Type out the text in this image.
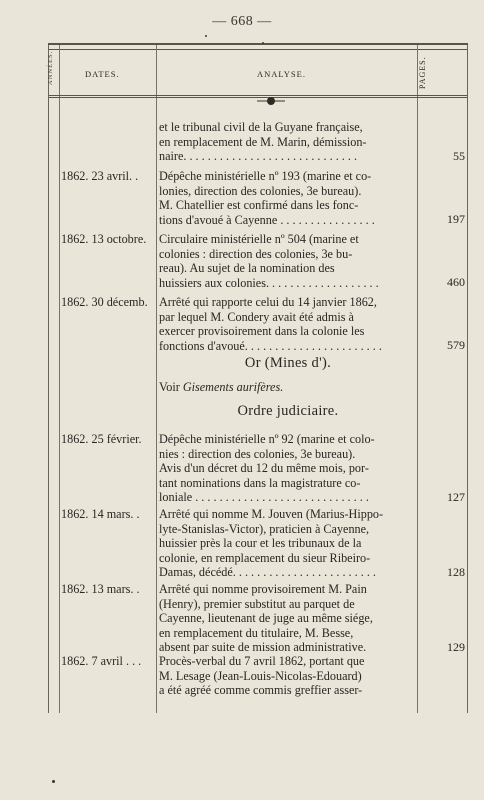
— 668 —
ANNÉES.	DATES.	ANALYSE.	PAGES.
et le tribunal civil de la Guyane française,
en remplacement de M. Marin, démission-
naire. . . . . . . . . . . . . . . . . . . . . . . . . . . . .	55
1862. 23 avril. .	Dépêche ministérielle nº 193 (marine et co-
lonies, direction des colonies, 3e bureau).
M. Chatellier est confirmé dans les fonc-
tions d'avoué à Cayenne . . . . . . . . . . . . . . . .	197
1862. 13 octobre.	Circulaire ministérielle nº 504 (marine et
colonies : direction des colonies, 3e bu-
reau). Au sujet de la nomination des
huissiers aux colonies. . . . . . . . . . . . . . . . . . .	460
1862. 30 décemb. Arrêté qui rapporte celui du 14 janvier 1862,
par lequel M. Condery avait été admis à
exercer provisoirement dans la colonie les
fonctions d'avoué. . . . . . . . . . . . . . . . . . . . . . .	579
Or (Mines d').
Voir Gisements aurifères.
Ordre judiciaire.
1862. 25 février.	Dépêche ministérielle nº 92 (marine et colo-
nies : direction des colonies, 3e bureau).
Avis d'un décret du 12 du même mois, por-
tant nominations dans la magistrature co-
loniale . . . . . . . . . . . . . . . . . . . . . . . . . . . . .	127
1862. 14 mars. .	Arrêté qui nomme M. Jouven (Marius-Hippo-
lyte-Stanislas-Victor), praticien à Cayenne,
huissier près la cour et les tribunaux de la
colonie, en remplacement du sieur Ribeiro-
Damas, décédé. . . . . . . . . . . . . . . . . . . . . . . .	128
1862. 13 mars. .	Arrêté qui nomme provisoirement M. Pain
(Henry), premier substitut au parquet de
Cayenne, lieutenant de juge au même siége,
en remplacement du titulaire, M. Besse,
absent par suite de mission administrative.	129
1862. 7 avril . . .	Procès-verbal du 7 avril 1862, portant que
M. Lesage (Jean-Louis-Nicolas-Edouard)
a été agréé comme commis greffier asser-
